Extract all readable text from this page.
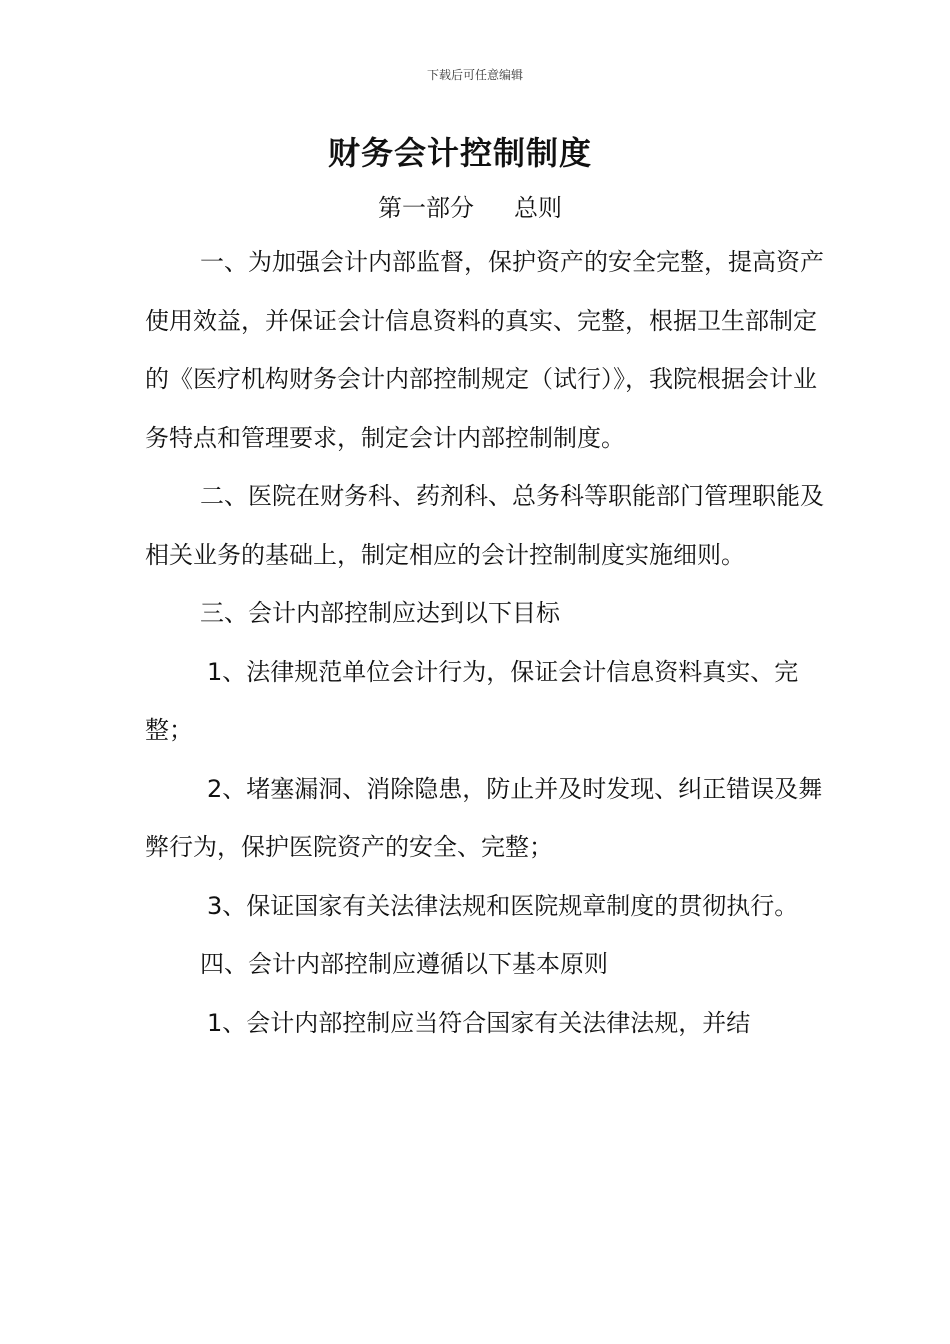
下载后可任意编辑
财务会计控制制度
第一部分 总则

一、为加强会计内部监督，保护资产的安全完整，提高资产使用效益，并保证会计信息资料的真实、完整，根据卫生部制定的《医疗机构财务会计内部控制规定（试行）》，我院根据会计业务特点和管理要求，制定会计内部控制制度。

二、医院在财务科、药剂科、总务科等职能部门管理职能及相关业务的基础上，制定相应的会计控制制度实施细则。

三、会计内部控制应达到以下目标

1、法律规范单位会计行为，保证会计信息资料真实、完整；

2、堵塞漏洞、消除隐患，防止并及时发现、纠正错误及舞弊行为，保护医院资产的安全、完整；

3、保证国家有关法律法规和医院规章制度的贯彻执行。

四、会计内部控制应遵循以下基本原则

1、会计内部控制应当符合国家有关法律法规，并结
